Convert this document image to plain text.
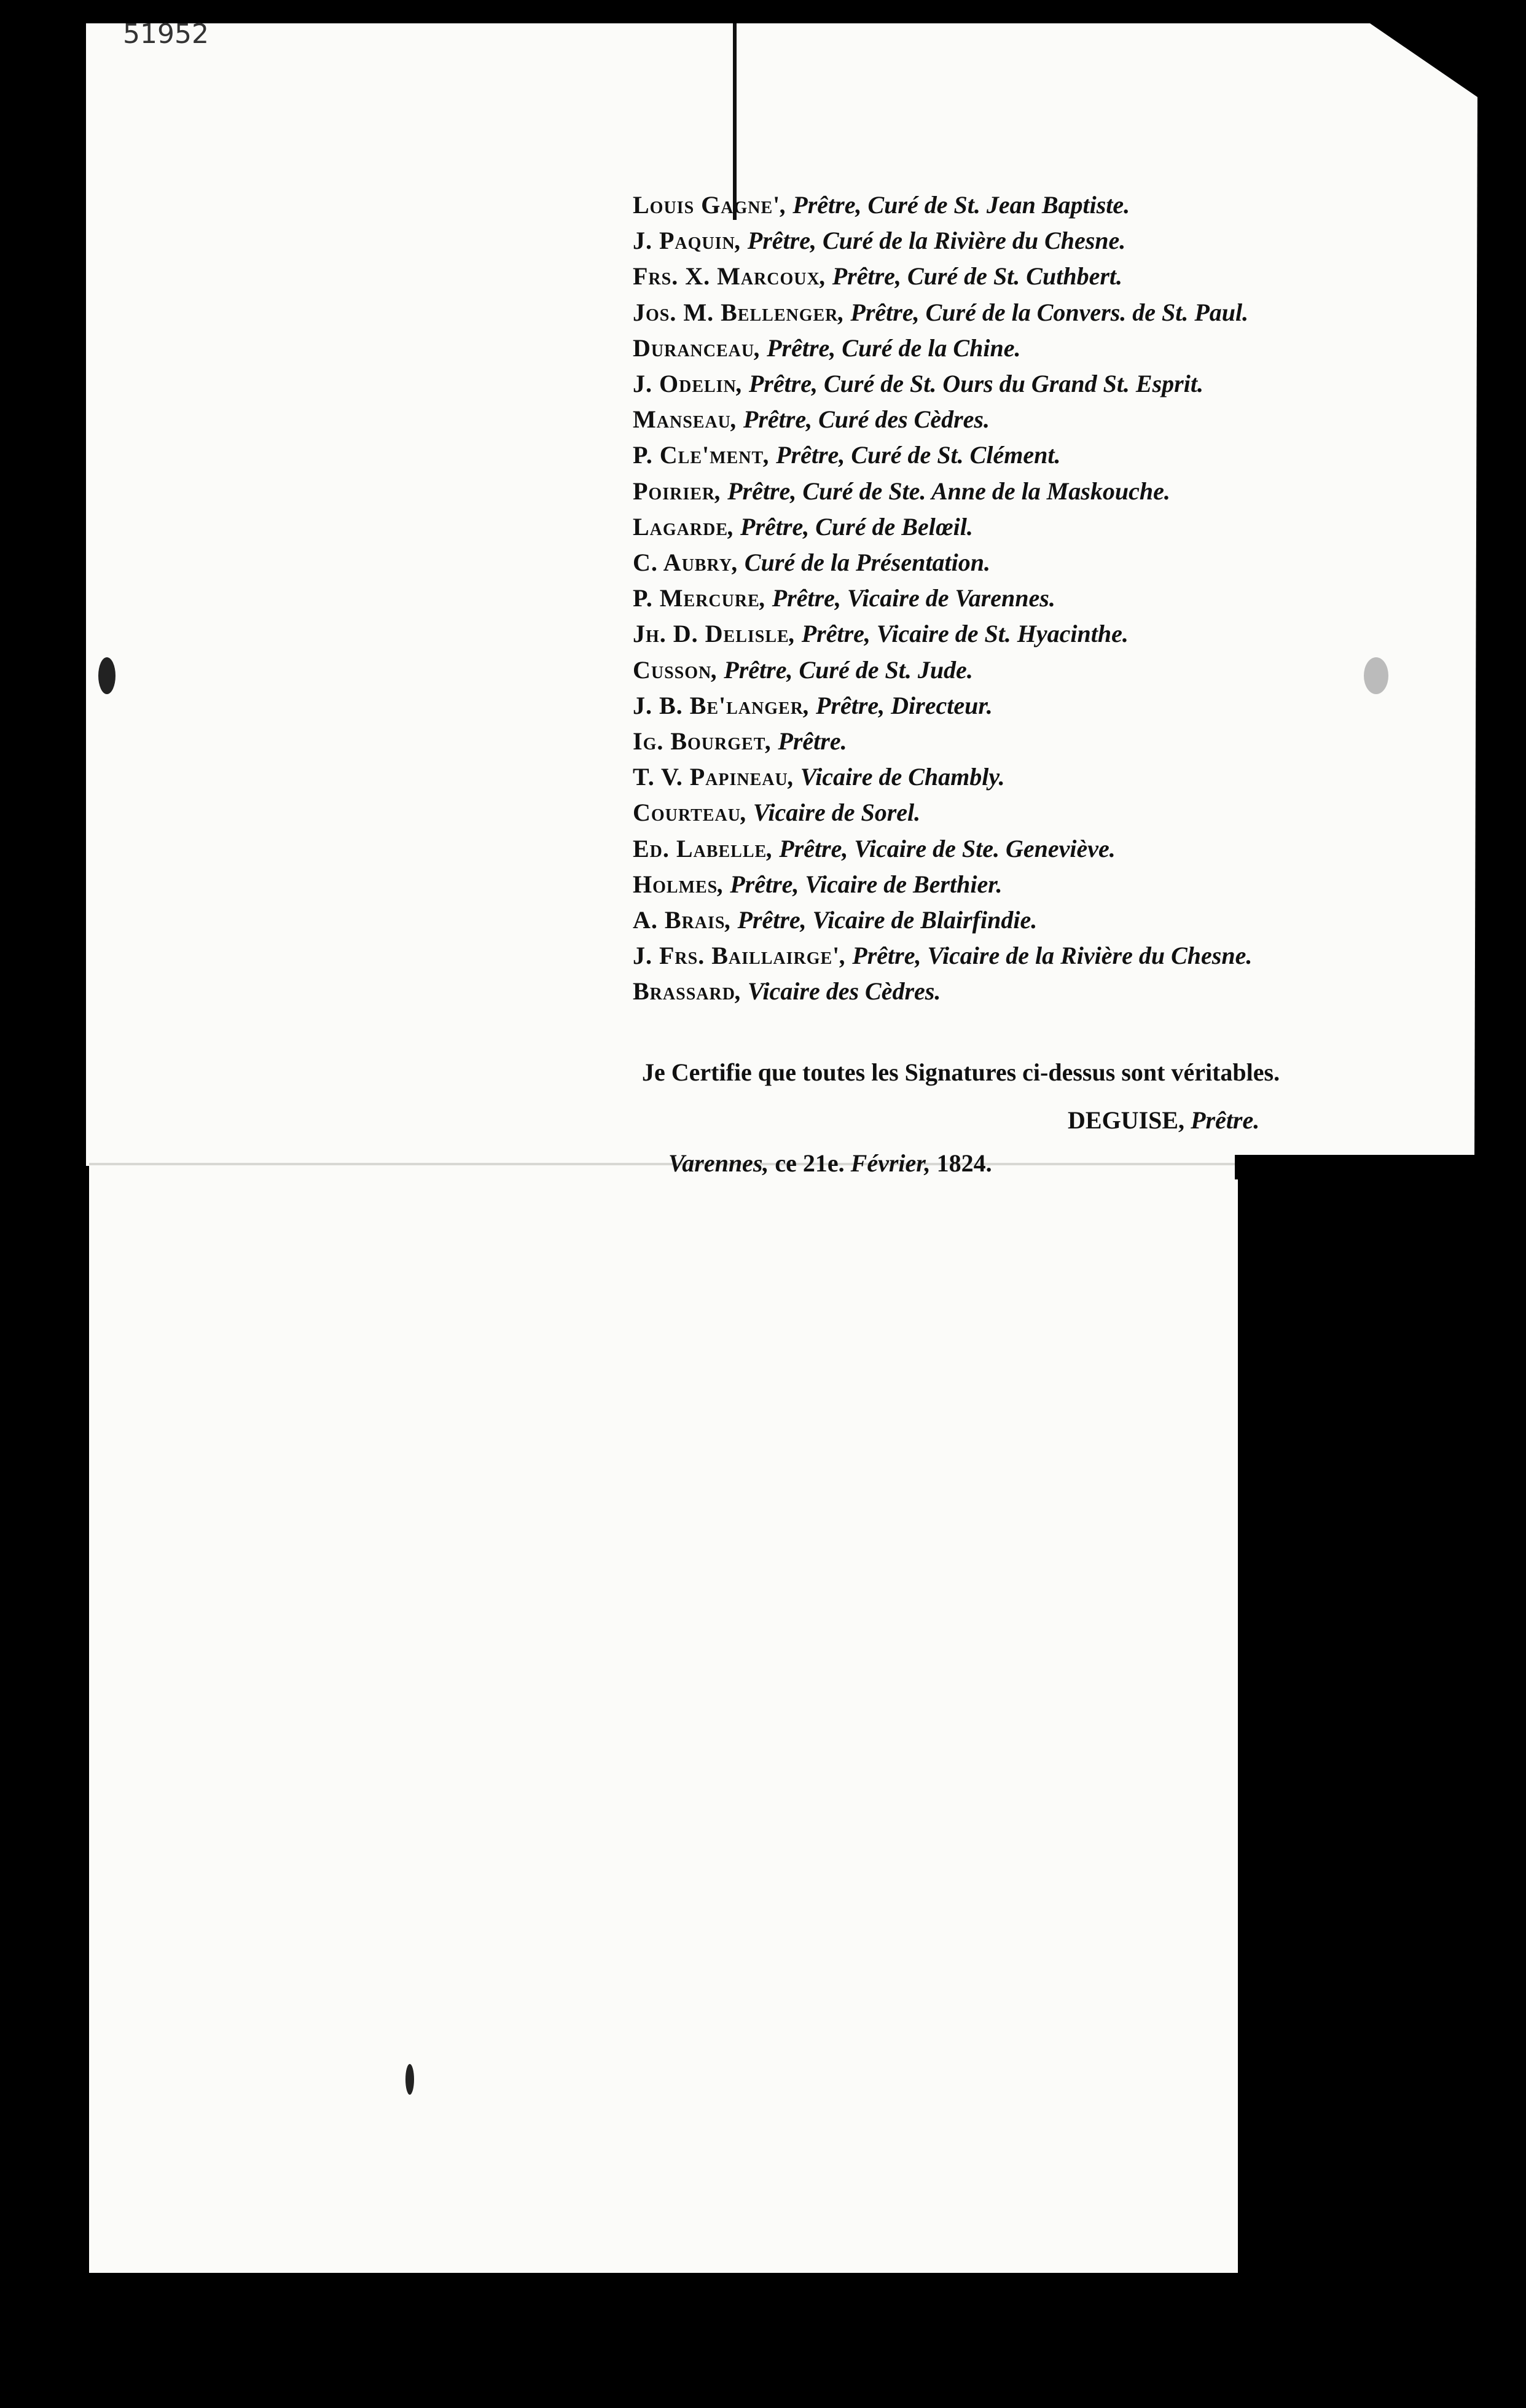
51952
Louis Gagne', Prêtre, Curé de St. Jean Baptiste.
J. Paquin, Prêtre, Curé de la Rivière du Chesne.
Frs. X. Marcoux, Prêtre, Curé de St. Cuthbert.
Jos. M. Bellenger, Prêtre, Curé de la Convers. de St. Paul.
Duranceau, Prêtre, Curé de la Chine.
J. Odelin, Prêtre, Curé de St. Ours du Grand St. Esprit.
Manseau, Prêtre, Curé des Cèdres.
P. Cle'ment, Prêtre, Curé de St. Clément.
Poirier, Prêtre, Curé de Ste. Anne de la Maskouche.
Lagarde, Prêtre, Curé de Belœil.
C. Aubry, Curé de la Présentation.
P. Mercure, Prêtre, Vicaire de Varennes.
Jh. D. Delisle, Prêtre, Vicaire de St. Hyacinthe.
Cusson, Prêtre, Curé de St. Jude.
J. B. Be'langer, Prêtre, Directeur.
Ig. Bourget, Prêtre.
T. V. Papineau, Vicaire de Chambly.
Courteau, Vicaire de Sorel.
Ed. Labelle, Prêtre, Vicaire de Ste. Geneviève.
Holmes, Prêtre, Vicaire de Berthier.
A. Brais, Prêtre, Vicaire de Blairfindie.
J. Frs. Baillairge', Prêtre, Vicaire de la Rivière du Chesne.
Brassard, Vicaire des Cèdres.
Je Certifie que toutes les Signatures ci-dessus sont véritables.
DEGUISE, Prêtre.
Varennes, ce 21e. Février, 1824.
